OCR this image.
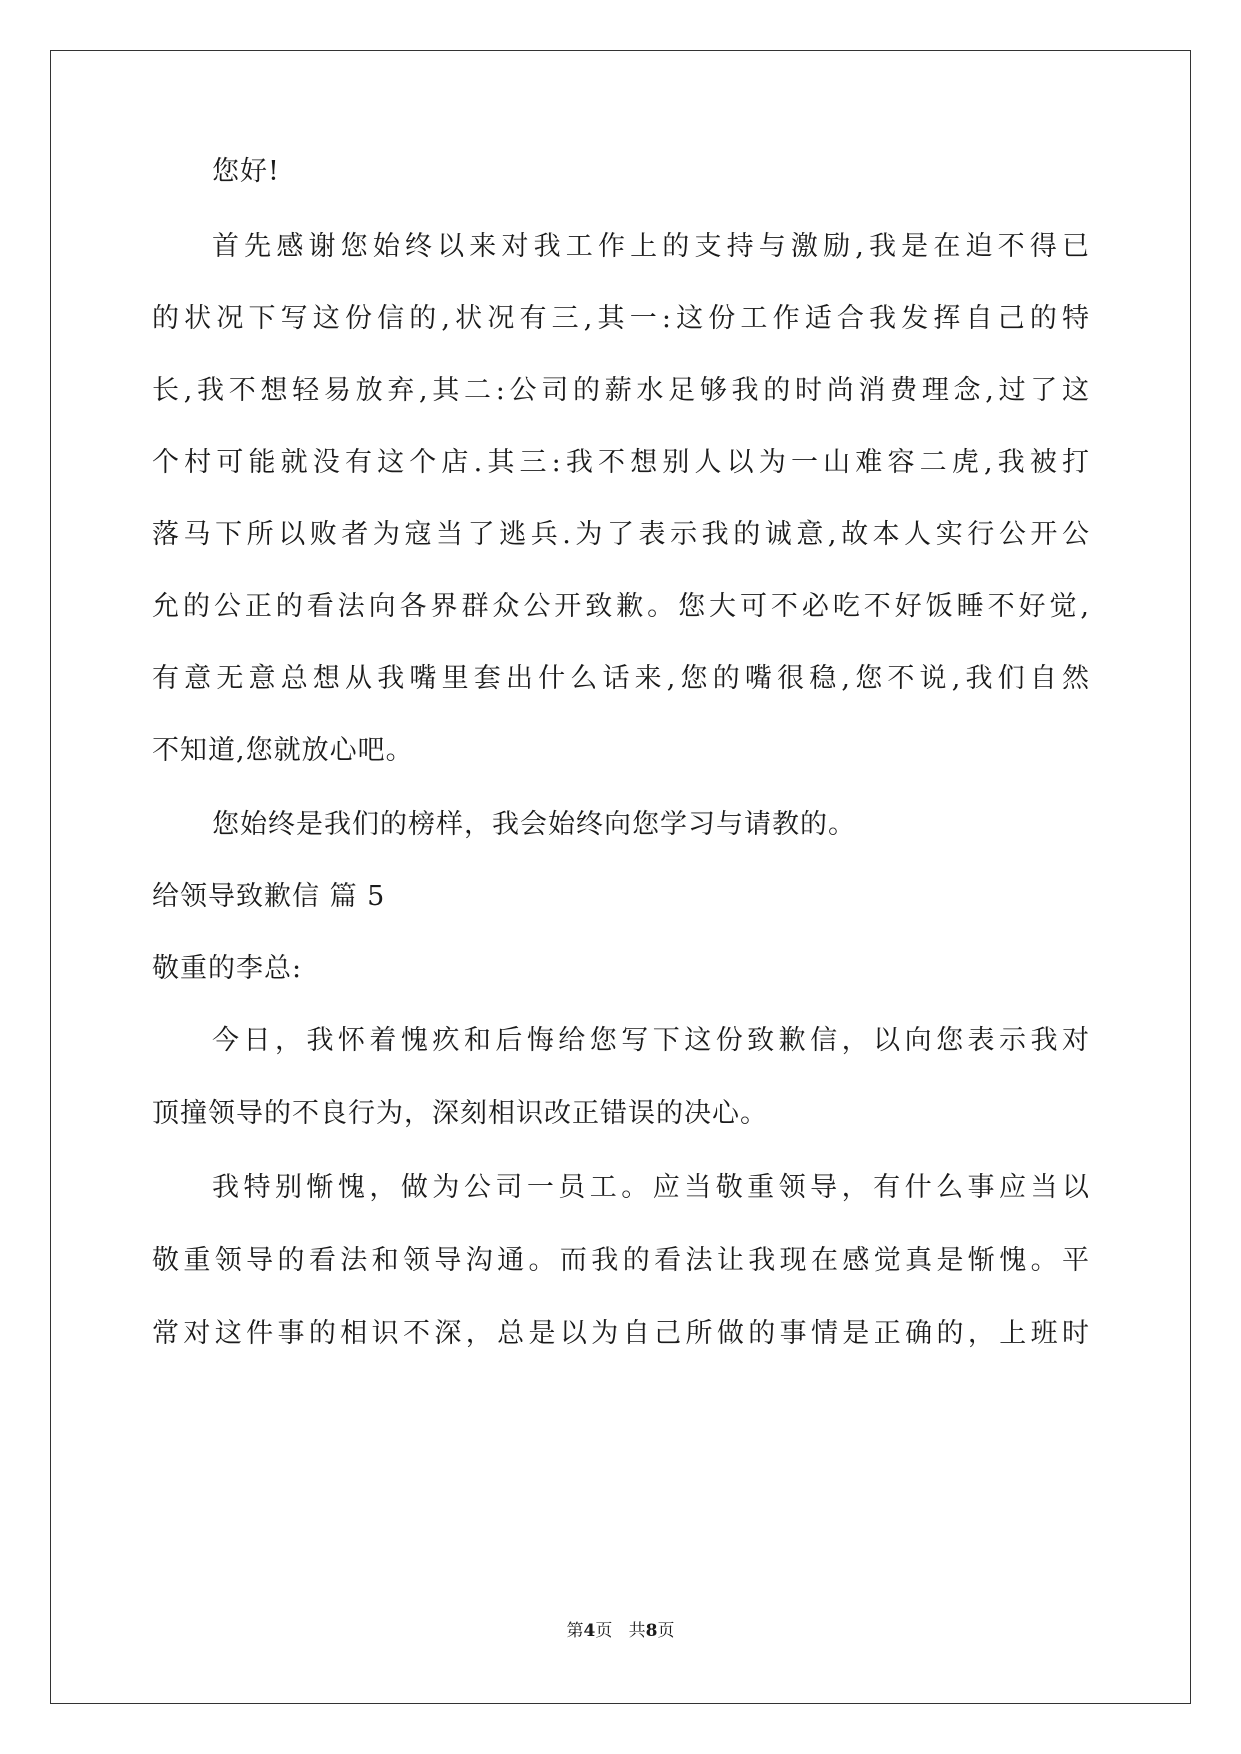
您好!
首先感谢您始终以来对我工作上的支持与激励,我是在迫不得已
的状况下写这份信的,状况有三,其一:这份工作适合我发挥自己的特
长,我不想轻易放弃,其二:公司的薪水足够我的时尚消费理念,过了这
个村可能就没有这个店.其三:我不想别人以为一山难容二虎,我被打
落马下所以败者为寇当了逃兵.为了表示我的诚意,故本人实行公开公
允的公正的看法向各界群众公开致歉。您大可不必吃不好饭睡不好觉,
有意无意总想从我嘴里套出什么话来,您的嘴很稳,您不说,我们自然
不知道,您就放心吧。
您始终是我们的榜样，我会始终向您学习与请教的。
给领导致歉信 篇 5
敬重的李总:
今日，我怀着愧疚和后悔给您写下这份致歉信，以向您表示我对
顶撞领导的不良行为，深刻相识改正错误的决心。
我特别惭愧，做为公司一员工。应当敬重领导，有什么事应当以
敬重领导的看法和领导沟通。而我的看法让我现在感觉真是惭愧。平
常对这件事的相识不深，总是以为自己所做的事情是正确的，上班时
第4页   共8页
